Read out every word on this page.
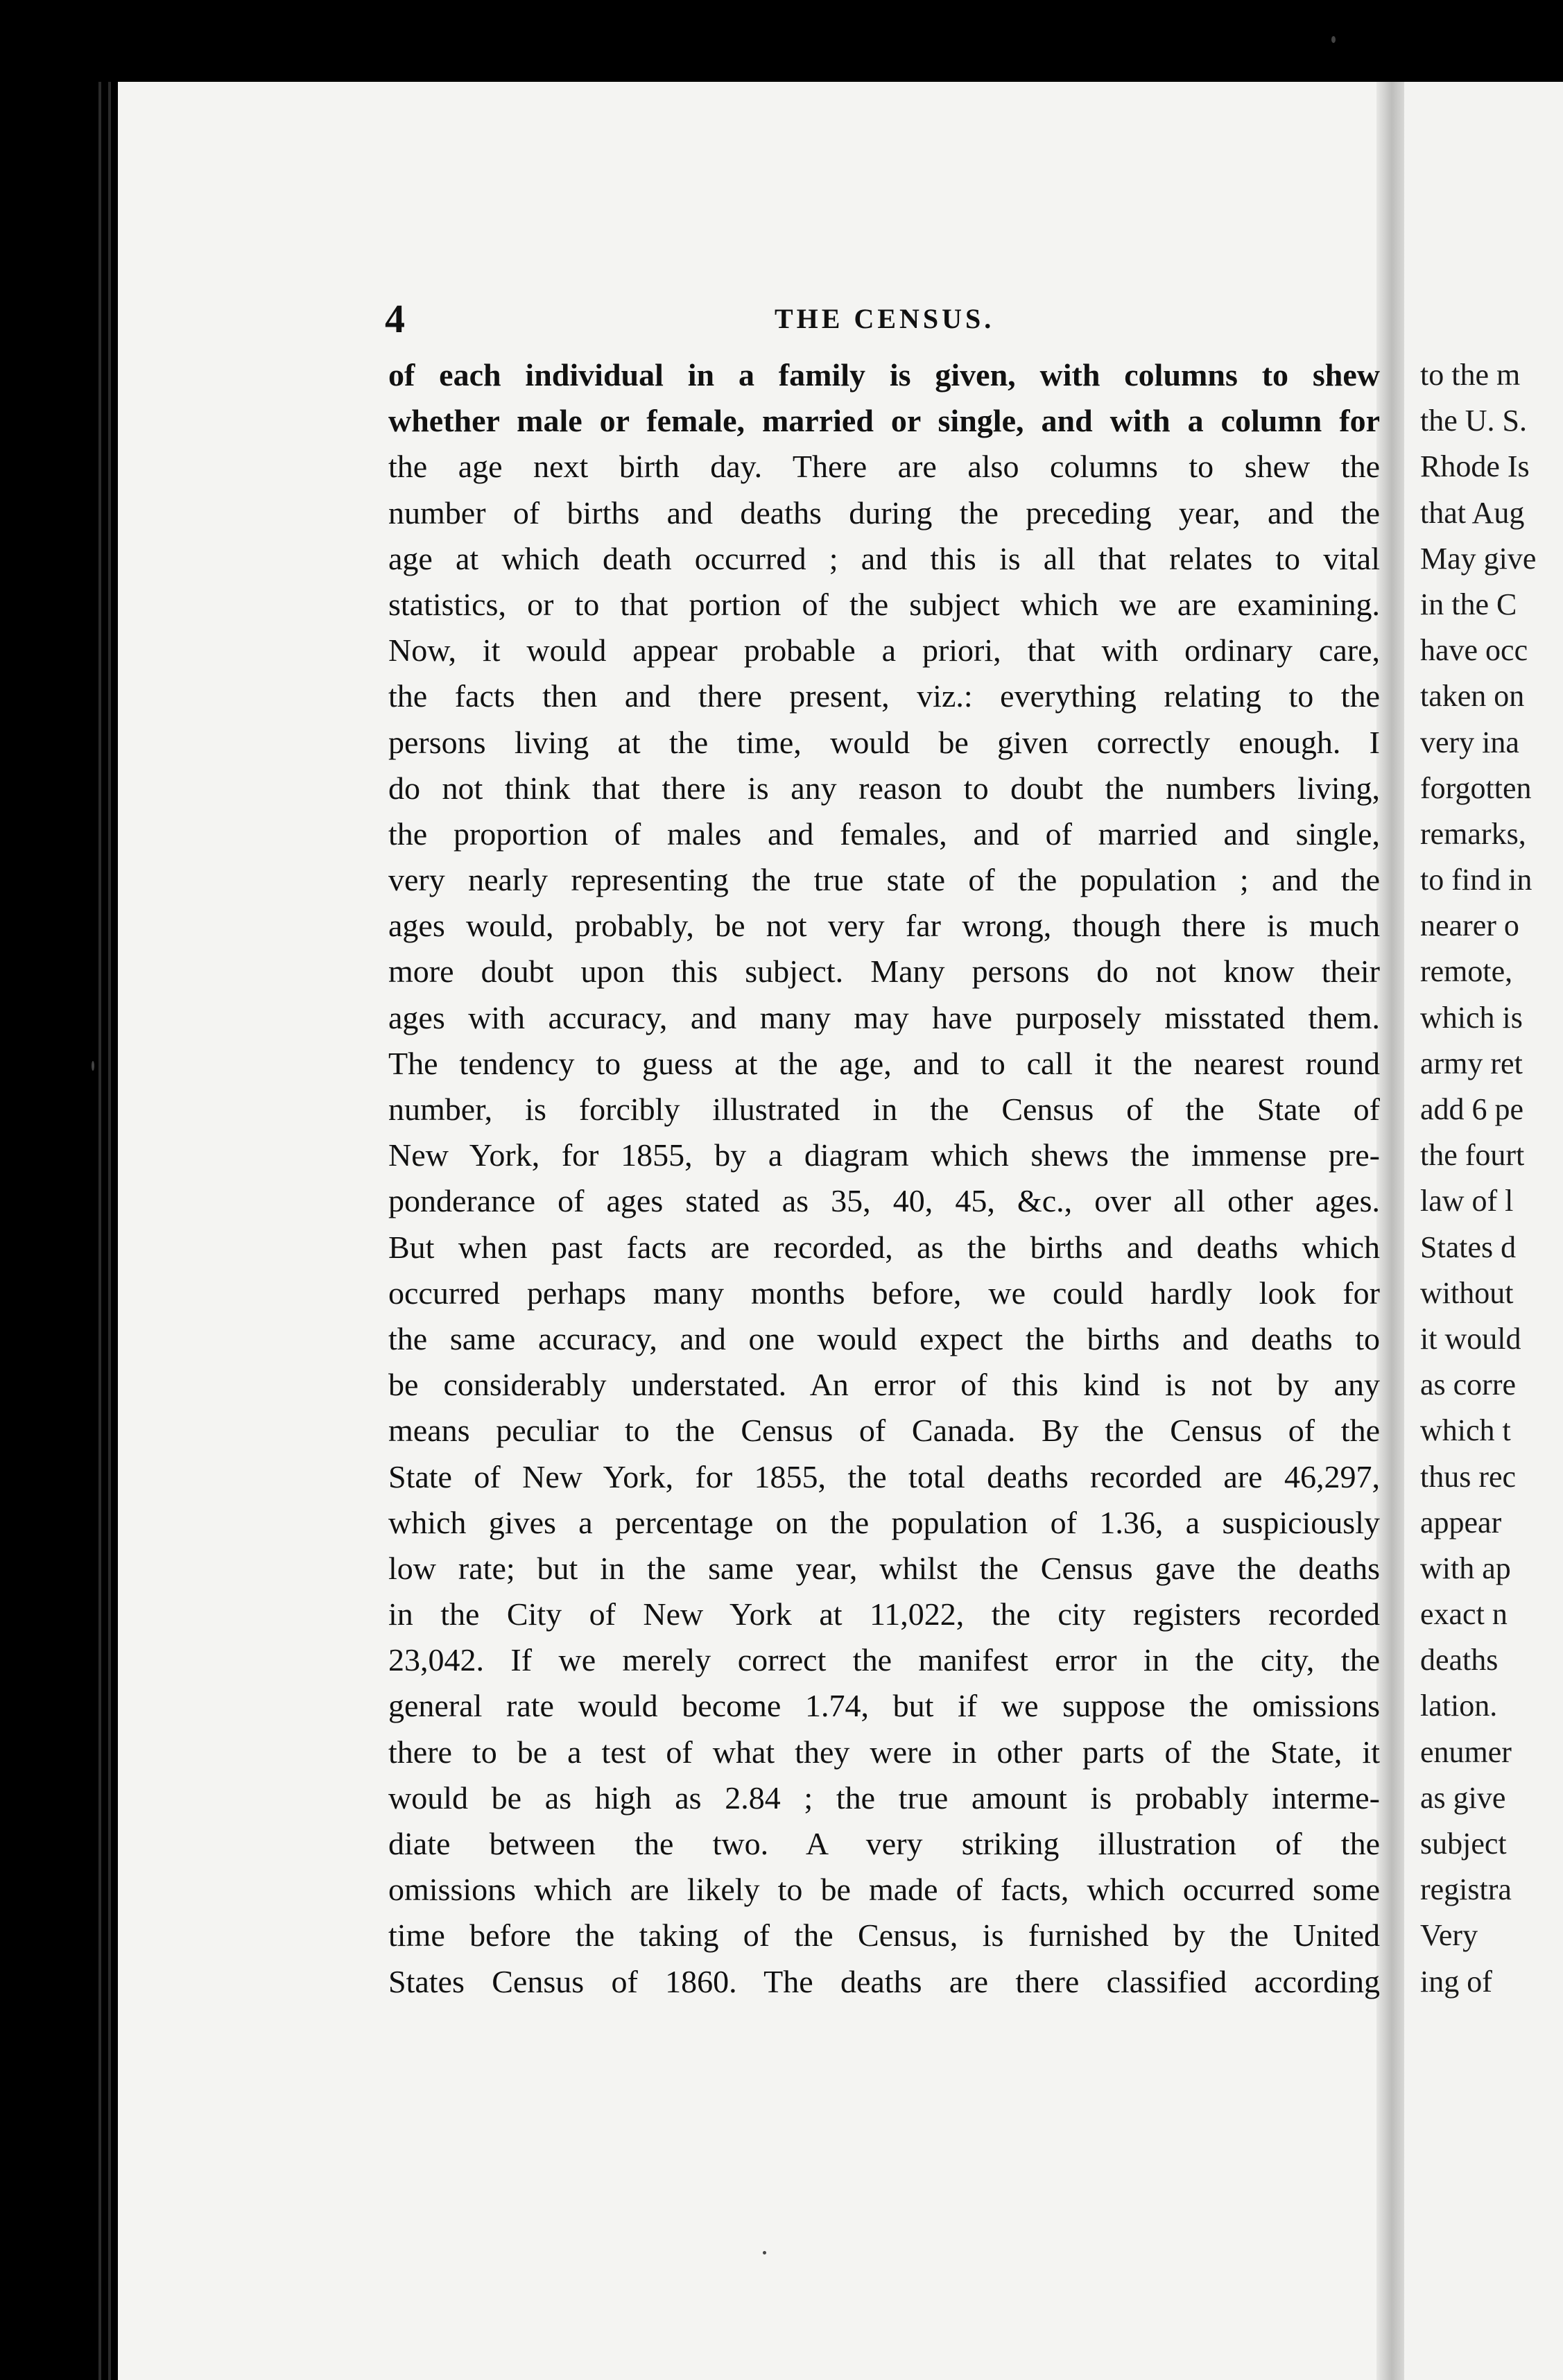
4	THE CENSUS.
of each individual in a family is given, with columns to shew
whether male or female, married or single, and with a column for
the age next birth day. There are also columns to shew the
number of births and deaths during the preceding year, and the
age at which death occurred ; and this is all that relates to vital
statistics, or to that portion of the subject which we are examining.
Now, it would appear probable a priori, that with ordinary care,
the facts then and there present, viz.: everything relating to the
persons living at the time, would be given correctly enough. I
do not think that there is any reason to doubt the numbers living,
the proportion of males and females, and of married and single,
very nearly representing the true state of the population ; and the
ages would, probably, be not very far wrong, though there is much
more doubt upon this subject. Many persons do not know their
ages with accuracy, and many may have purposely misstated them.
The tendency to guess at the age, and to call it the nearest round
number, is forcibly illustrated in the Census of the State of
New York, for 1855, by a diagram which shews the immense pre-
ponderance of ages stated as 35, 40, 45, &c., over all other ages.
But when past facts are recorded, as the births and deaths which
occurred perhaps many months before, we could hardly look for
the same accuracy, and one would expect the births and deaths to
be considerably understated. An error of this kind is not by any
means peculiar to the Census of Canada. By the Census of the
State of New York, for 1855, the total deaths recorded are 46,297,
which gives a percentage on the population of 1.36, a suspiciously
low rate; but in the same year, whilst the Census gave the deaths
in the City of New York at 11,022, the city registers recorded
23,042. If we merely correct the manifest error in the city, the
general rate would become 1.74, but if we suppose the omissions
there to be a test of what they were in other parts of the State, it
would be as high as 2.84 ; the true amount is probably interme-
diate between the two. A very striking illustration of the
omissions which are likely to be made of facts, which occurred some
time before the taking of the Census, is furnished by the United
States Census of 1860. The deaths are there classified according
to the m
the U. S.
Rhode Is
that Aug
May give
in the C
have occ
taken on
very ina
forgotten
remarks,
to find in
nearer o
remote,
which is
army ret
add 6 pe
the fourt
law of l
States d
without
it would
as corre
which t
thus rec
appear
with ap
exact n
deaths
lation.
enumer
as give
subject
registra
Very
ing of
